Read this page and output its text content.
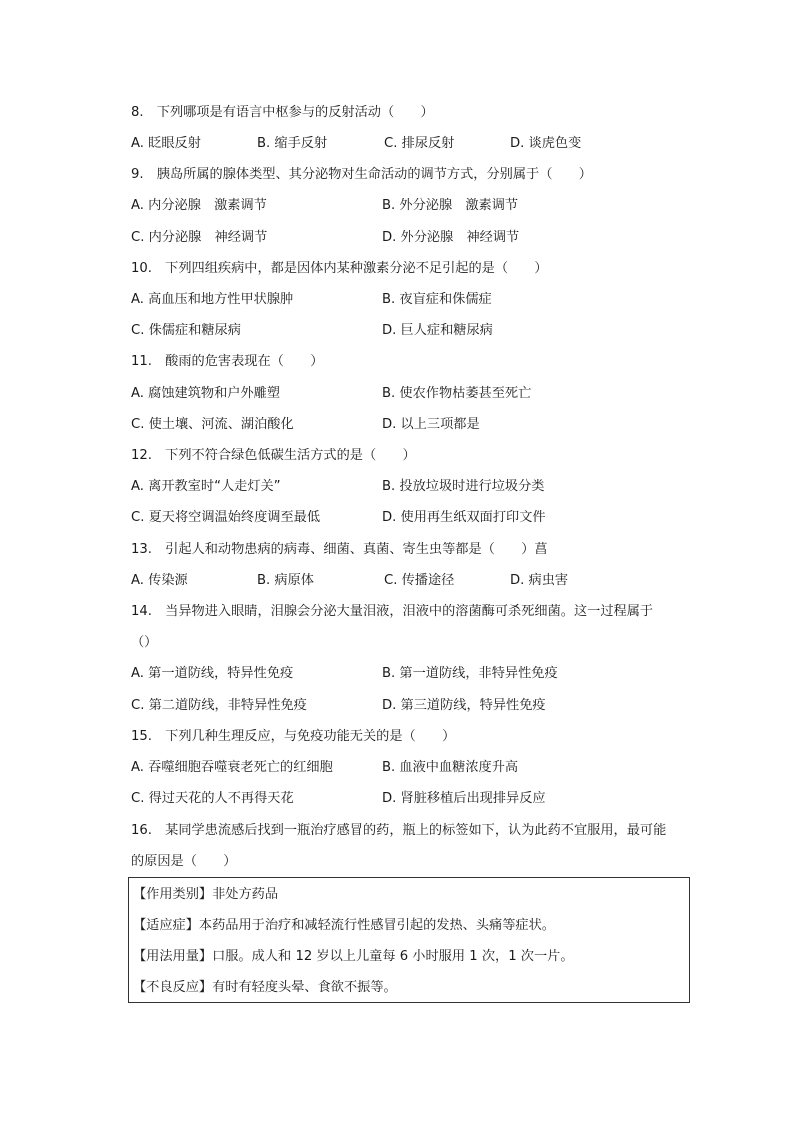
8.　下列哪项是有语言中枢参与的反射活动（　　）
A. 眨眼反射	B. 缩手反射	C. 排尿反射	D. 谈虎色变
9.　胰岛所属的腺体类型、其分泌物对生命活动的调节方式，分别属于（　　）
A. 内分泌腺　激素调节	B. 外分泌腺　激素调节
C. 内分泌腺　神经调节	D. 外分泌腺　神经调节
10.　下列四组疾病中，都是因体内某种激素分泌不足引起的是（　　）
A. 高血压和地方性甲状腺肿	B. 夜盲症和侏儒症
C. 侏儒症和糖尿病	D. 巨人症和糖尿病
11.　酸雨的危害表现在（　　）
A. 腐蚀建筑物和户外雕塑	B. 使农作物枯萎甚至死亡
C. 使土壤、河流、湖泊酸化	D. 以上三项都是
12.　下列不符合绿色低碳生活方式的是（　　）
A. 离开教室时“人走灯关”	B. 投放垃圾时进行垃圾分类
C. 夏天将空调温始终度调至最低	D. 使用再生纸双面打印文件
13.　引起人和动物患病的病毒、细菌、真菌、寄生虫等都是（　　）菖
A. 传染源	B. 病原体	C. 传播途径	D. 病虫害
14.　当异物进入眼睛，泪腺会分泌大量泪液，泪液中的溶菌酶可杀死细菌。这一过程属于
（）
A. 第一道防线，特异性免疫	B. 第一道防线，非特异性免疫
C. 第二道防线，非特异性免疫	D. 第三道防线，特异性免疫
15.　下列几种生理反应，与免疫功能无关的是（　　）
A. 吞噬细胞吞噬衰老死亡的红细胞	B. 血液中血糖浓度升高
C. 得过天花的人不再得天花	D. 肾脏移植后出现排异反应
16.　某同学患流感后找到一瓶治疗感冒的药，瓶上的标签如下，认为此药不宜服用，最可能
的原因是（　　）
【作用类别】非处方药品
【适应症】本药品用于治疗和减轻流行性感冒引起的发热、头痛等症状。
【用法用量】口服。成人和 12 岁以上儿童每 6 小时服用 1 次，1 次一片。
【不良反应】有时有轻度头晕、食欲不振等。
